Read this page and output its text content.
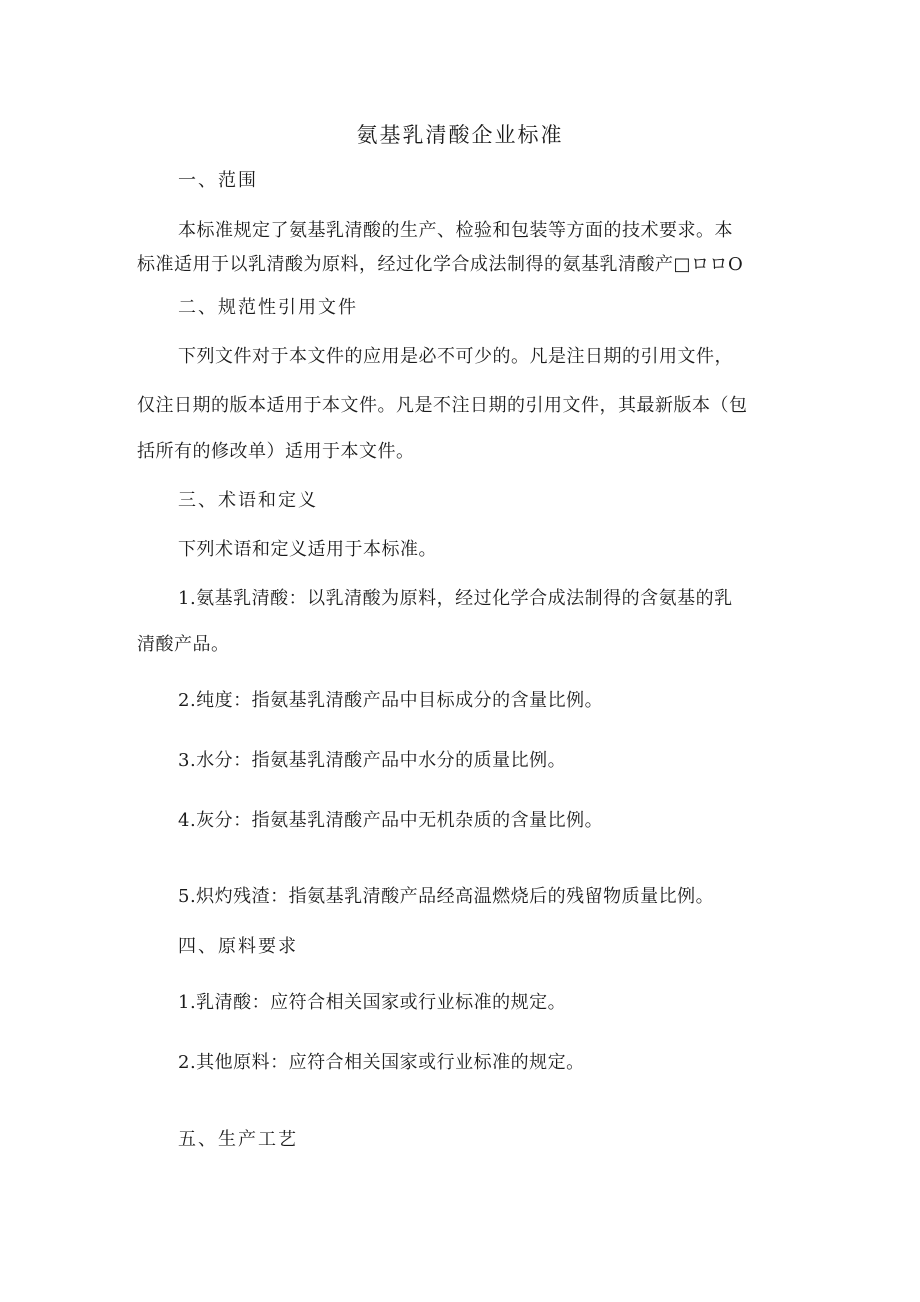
氨基乳清酸企业标准
一、范围
本标准规定了氨基乳清酸的生产、检验和包装等方面的技术要求。本
标准适用于以乳清酸为原料，经过化学合成法制得的氨基乳清酸产□ロロO
二、规范性引用文件
下列文件对于本文件的应用是必不可少的。凡是注日期的引用文件，
仅注日期的版本适用于本文件。凡是不注日期的引用文件，其最新版本（包
括所有的修改单）适用于本文件。
三、术语和定义
下列术语和定义适用于本标准。
1.氨基乳清酸：以乳清酸为原料，经过化学合成法制得的含氨基的乳
清酸产品。
2.纯度：指氨基乳清酸产品中目标成分的含量比例。
3.水分：指氨基乳清酸产品中水分的质量比例。
4.灰分：指氨基乳清酸产品中无机杂质的含量比例。
5.炽灼残渣：指氨基乳清酸产品经高温燃烧后的残留物质量比例。
四、原料要求
1.乳清酸：应符合相关国家或行业标准的规定。
2.其他原料：应符合相关国家或行业标准的规定。
五、生产工艺
